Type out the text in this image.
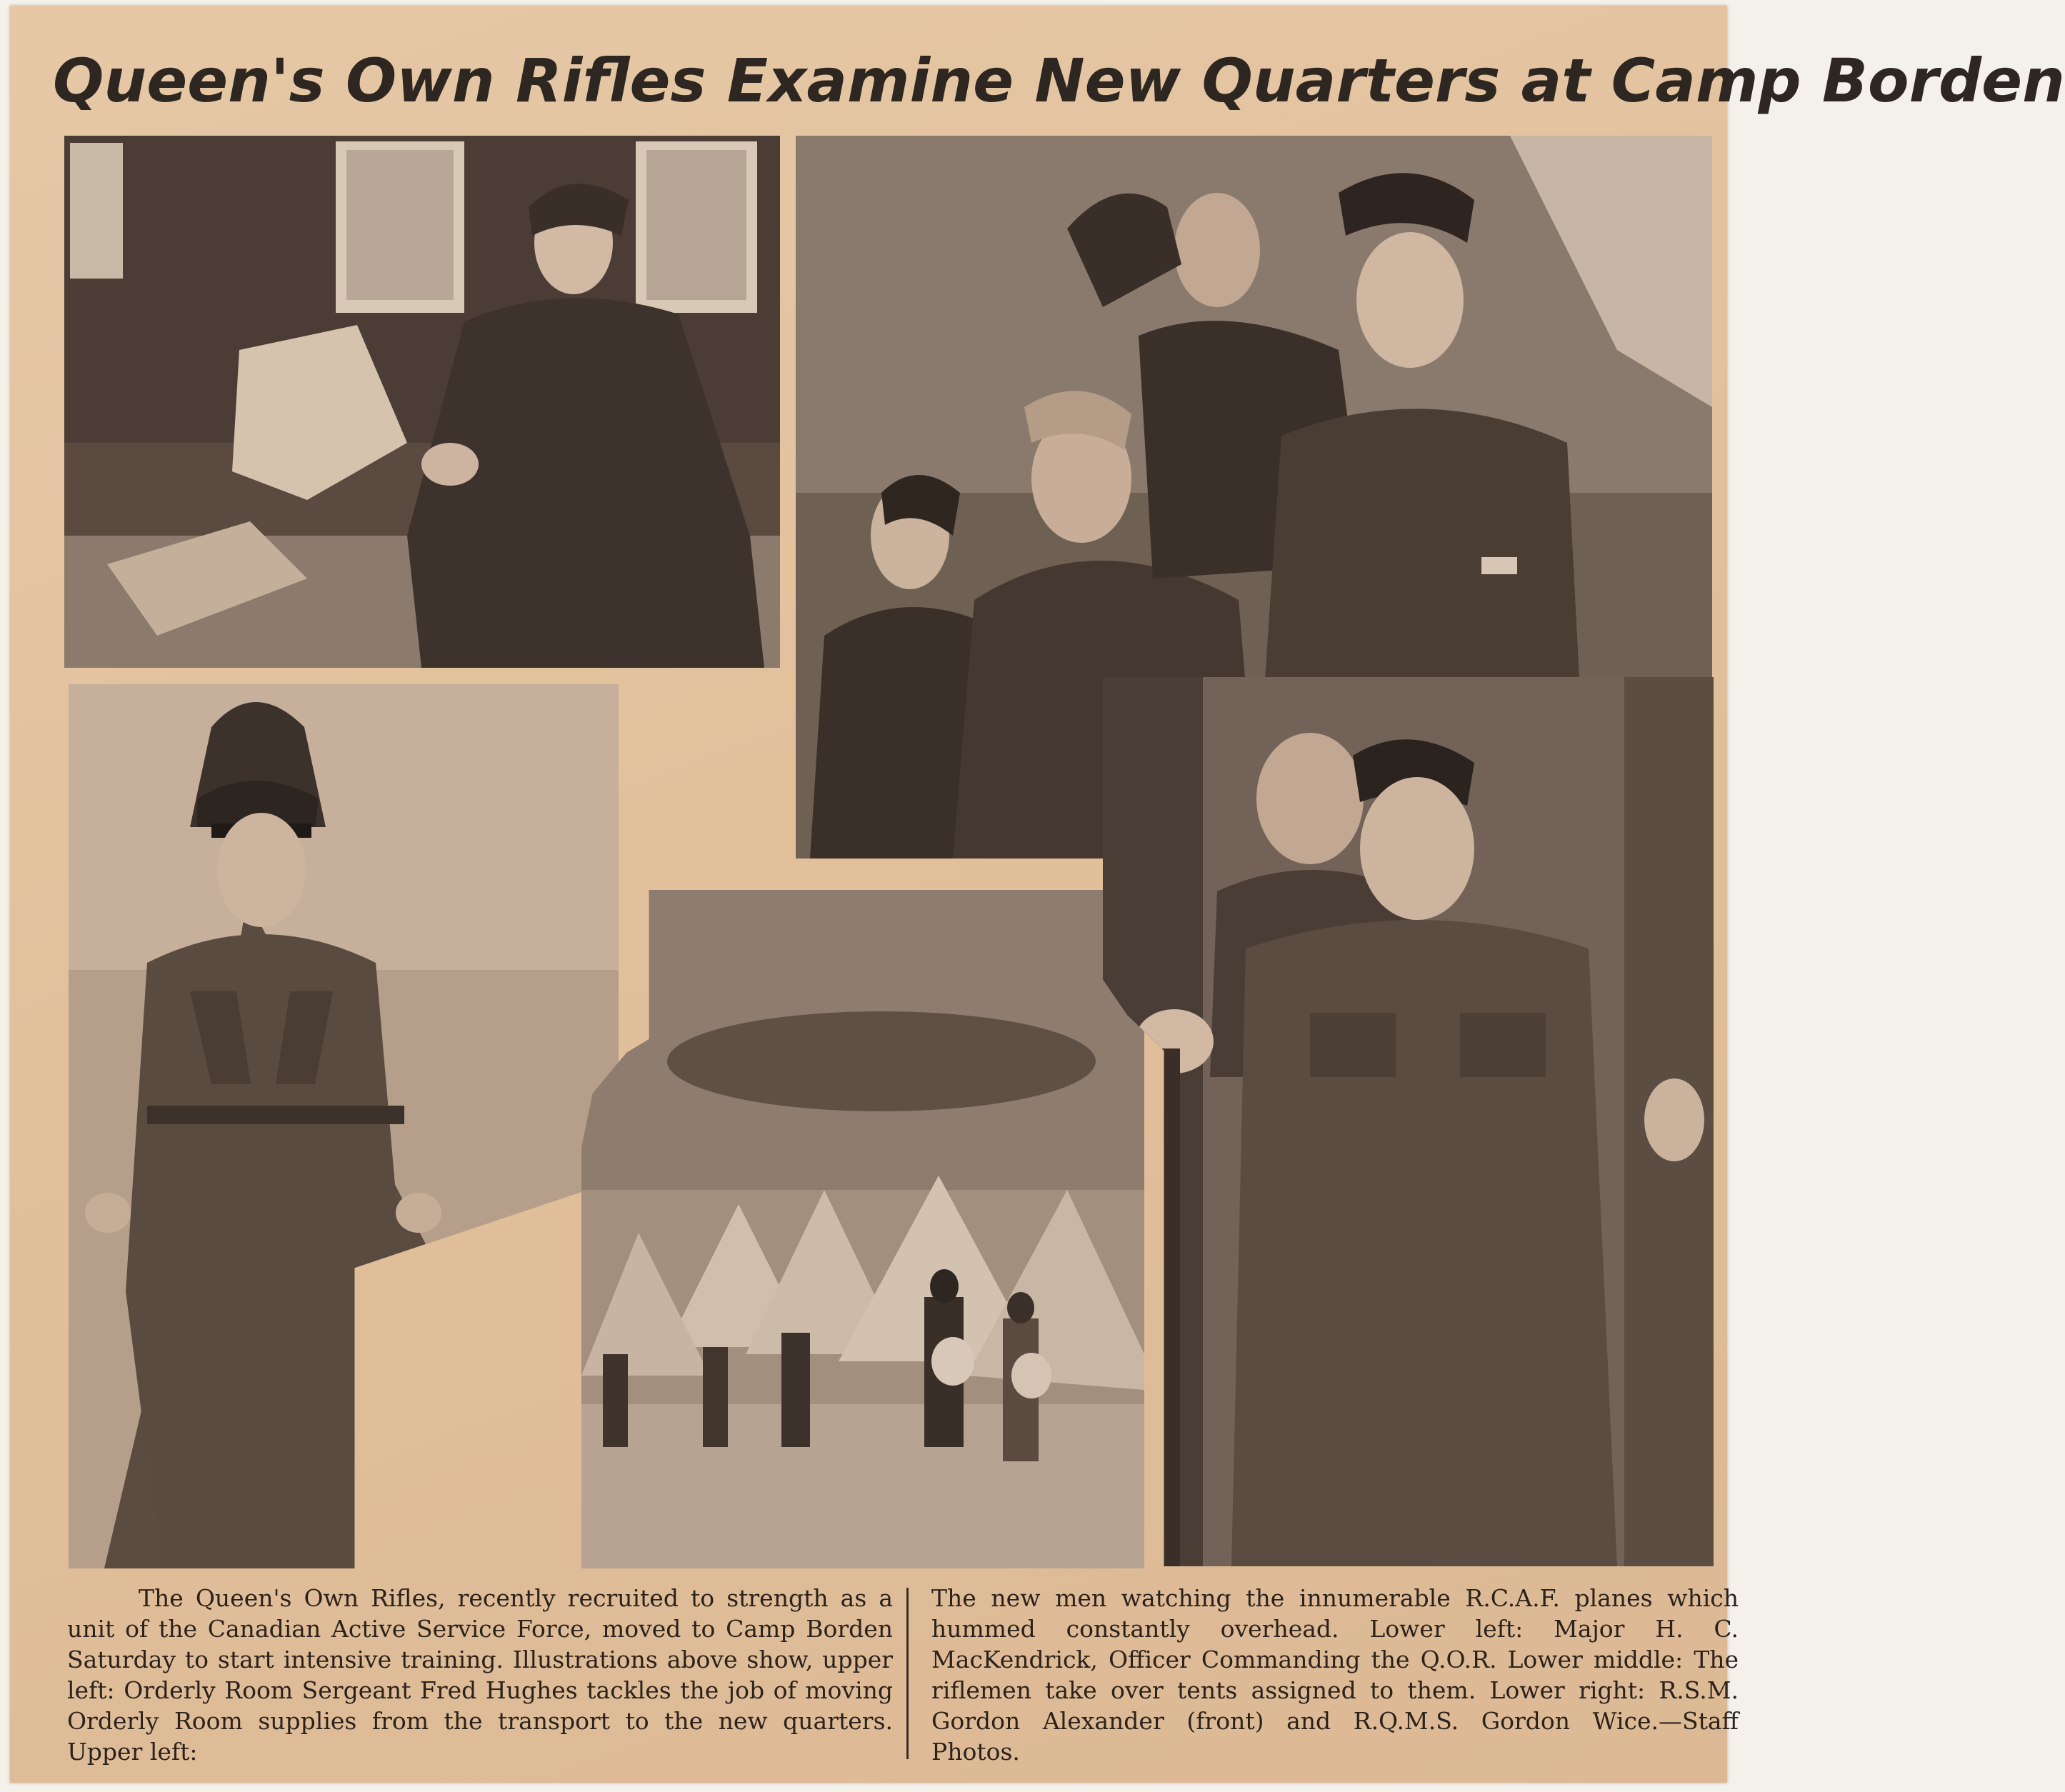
Queen's Own Rifles Examine New Quarters at Camp Borden

The Queen's Own Rifles, recently recruited to strength as a unit of the Canadian Active Service Force, moved to Camp Borden Saturday to start intensive training. Illustrations above show, upper left: Orderly Room Sergeant Fred Hughes tackles the job of moving Orderly Room supplies from the transport to the new quarters. Upper left:

The new men watching the innumerable R.C.A.F. planes which hummed constantly overhead. Lower left: Major H. C. MacKendrick, Officer Commanding the Q.O.R. Lower middle: The riflemen take over tents assigned to them. Lower right: R.S.M. Gordon Alexander (front) and R.Q.M.S. Gordon Wice.—Staff Photos.
